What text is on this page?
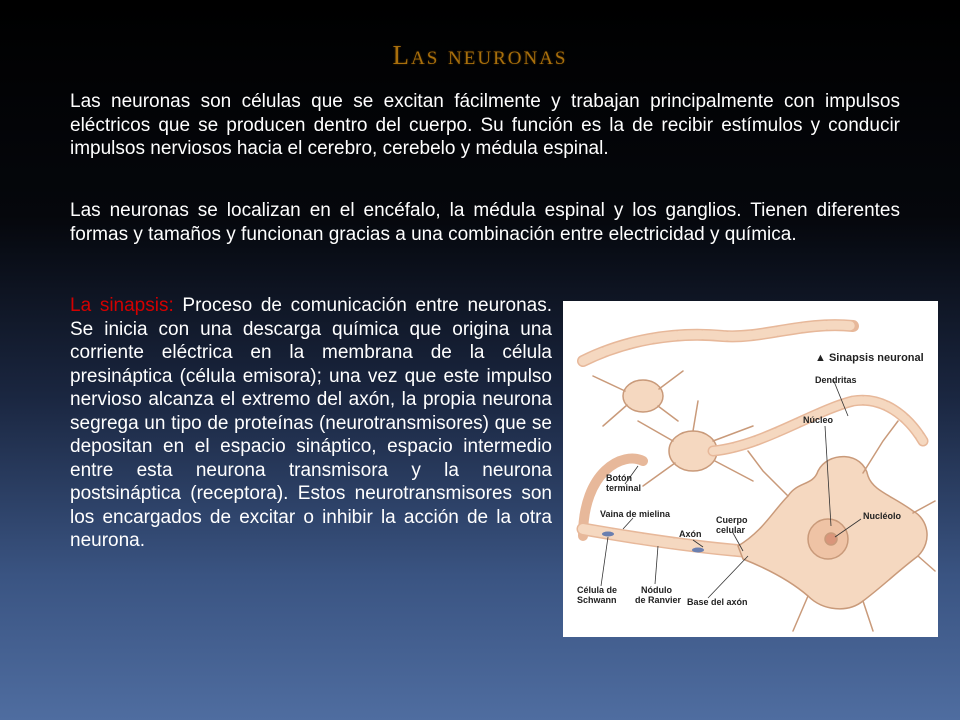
Las neuronas
Las neuronas son células que se excitan fácilmente y trabajan principalmente con impulsos eléctricos que se producen dentro del cuerpo. Su función es la de recibir estímulos y conducir impulsos nerviosos hacia el cerebro, cerebelo y médula espinal.
Las neuronas se localizan en el encéfalo, la médula espinal y los ganglios. Tienen diferentes formas y tamaños y funcionan gracias a una combinación entre electricidad y química.
La sinapsis: Proceso de comunicación entre neuronas. Se inicia con una descarga química que origina una corriente eléctrica en la membrana de la célula presináptica (célula emisora); una vez que este impulso nervioso alcanza el extremo del axón, la propia neurona segrega un tipo de proteínas (neurotransmisores) que se depositan en el espacio sináptico, espacio intermedio entre esta neurona transmisora y la neurona postsináptica (receptora). Estos neurotransmisores son los encargados de excitar o inhibir la acción de la otra neurona.
▲ Sinapsis neuronal
Dendritas
Núcleo
Botón
terminal
Vaina de mielina
Axón
Cuerpo
celular
Nucléolo
Célula de
Schwann
Nódulo
de Ranvier Base del axón
